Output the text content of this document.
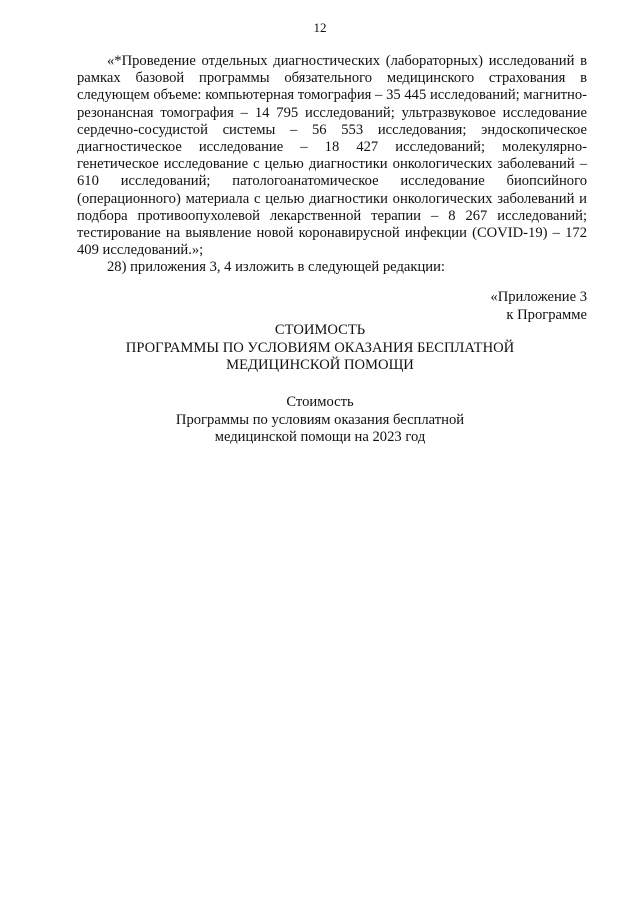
12

«*Проведение отдельных диагностических (лабораторных) исследований в рамках базовой программы обязательного медицинского страхования в следующем объеме: компьютерная томография – 35 445 исследований; магнитно-резонансная томография – 14 795 исследований; ультразвуковое исследование сердечно-сосудистой системы – 56 553 исследования; эндоскопическое диагностическое исследование – 18 427 исследований; молекулярно-генетическое исследование с целью диагностики онкологических заболеваний – 610 исследований; патологоанатомическое исследование биопсийного (операционного) материала с целью диагностики онкологических заболеваний и подбора противоопухолевой лекарственной терапии – 8 267 исследований; тестирование на выявление новой коронавирусной инфекции (COVID-19) – 172 409 исследований.»;

28) приложения 3, 4 изложить в следующей редакции:

«Приложение 3
к Программе
СТОИМОСТЬ
ПРОГРАММЫ ПО УСЛОВИЯМ ОКАЗАНИЯ БЕСПЛАТНОЙ
МЕДИЦИНСКОЙ ПОМОЩИ
Стоимость
Программы по условиям оказания бесплатной
медицинской помощи на 2023 год
